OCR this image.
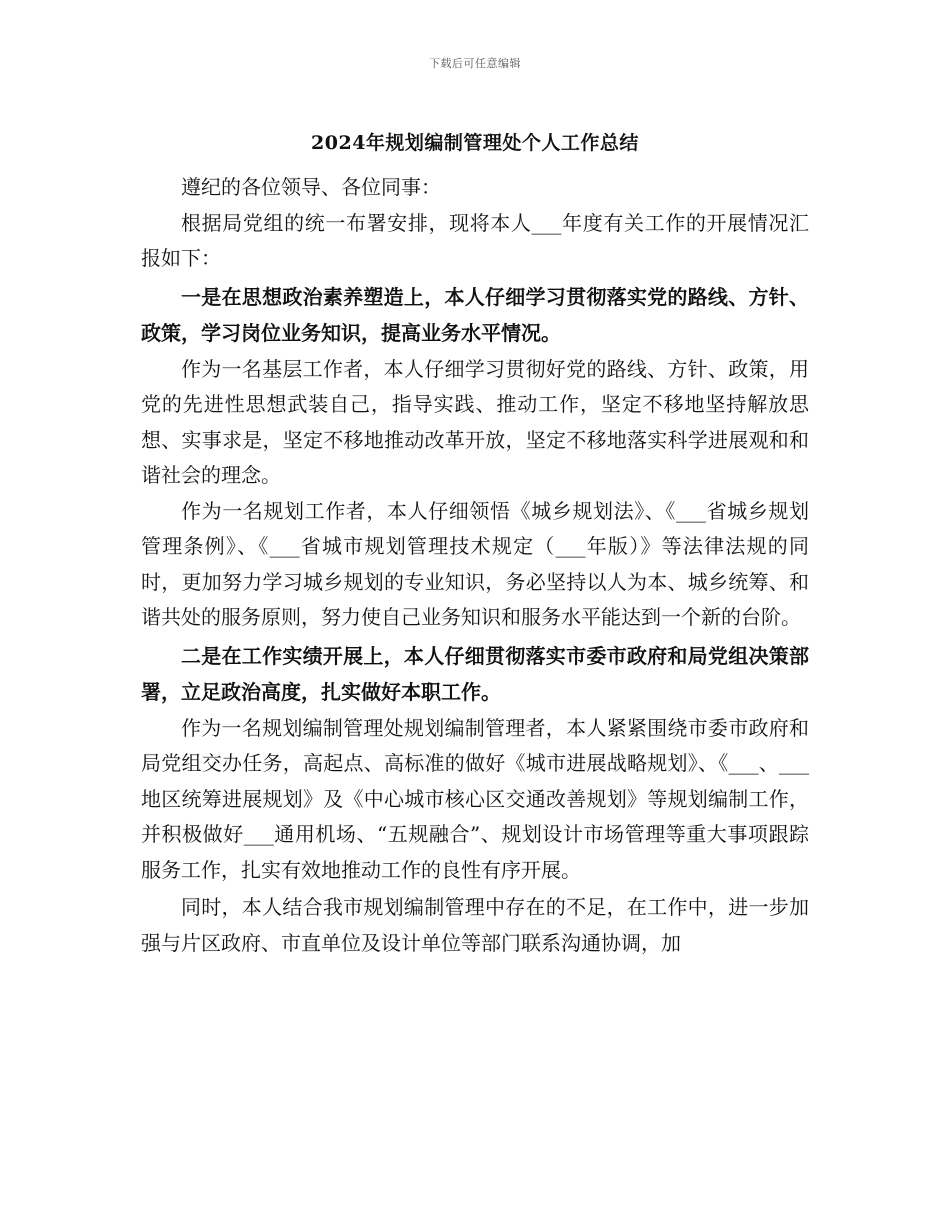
下载后可任意编辑
2024年规划编制管理处个人工作总结

遵纪的各位领导、各位同事：

根据局党组的统一布署安排，现将本人___年度有关工作的开展情况汇报如下：

一是在思想政治素养塑造上，本人仔细学习贯彻落实党的路线、方针、政策，学习岗位业务知识，提高业务水平情况。

作为一名基层工作者，本人仔细学习贯彻好党的路线、方针、政策，用党的先进性思想武装自己，指导实践、推动工作，坚定不移地坚持解放思想、实事求是，坚定不移地推动改革开放，坚定不移地落实科学进展观和和谐社会的理念。

作为一名规划工作者，本人仔细领悟《城乡规划法》、《___省城乡规划管理条例》、《___省城市规划管理技术规定（___年版）》等法律法规的同时，更加努力学习城乡规划的专业知识，务必坚持以人为本、城乡统筹、和谐共处的服务原则，努力使自己业务知识和服务水平能达到一个新的台阶。

二是在工作实绩开展上，本人仔细贯彻落实市委市政府和局党组决策部署，立足政治高度，扎实做好本职工作。

作为一名规划编制管理处规划编制管理者，本人紧紧围绕市委市政府和局党组交办任务，高起点、高标准的做好《城市进展战略规划》、《___、___地区统筹进展规划》及《中心城市核心区交通改善规划》等规划编制工作，并积极做好___通用机场、“五规融合”、规划设计市场管理等重大事项跟踪服务工作，扎实有效地推动工作的良性有序开展。

同时，本人结合我市规划编制管理中存在的不足，在工作中，进一步加强与片区政府、市直单位及设计单位等部门联系沟通协调，加
